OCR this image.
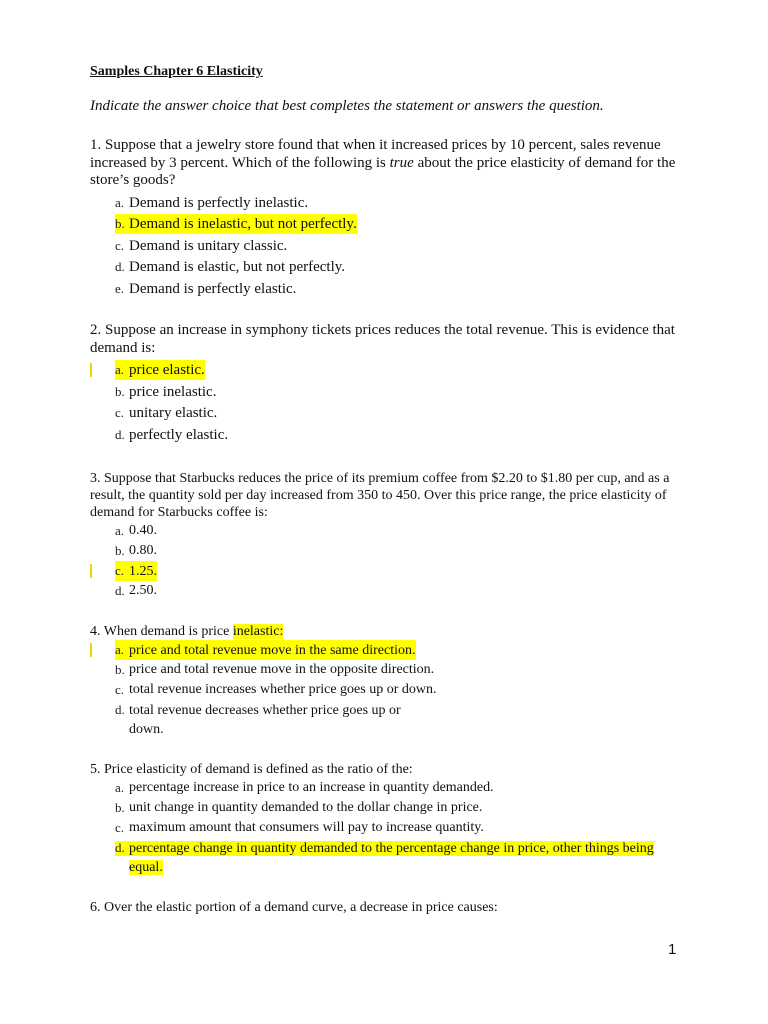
Samples Chapter 6 Elasticity
Indicate the answer choice that best completes the statement or answers the question.
1. Suppose that a jewelry store found that when it increased prices by 10 percent, sales revenue increased by 3 percent. Which of the following is true about the price elasticity of demand for the store’s goods?
a. Demand is perfectly inelastic.
b. Demand is inelastic, but not perfectly.
c. Demand is unitary classic.
d. Demand is elastic, but not perfectly.
e. Demand is perfectly elastic.
2. Suppose an increase in symphony tickets prices reduces the total revenue. This is evidence that demand is:
a. price elastic.
b. price inelastic.
c. unitary elastic.
d. perfectly elastic.
3. Suppose that Starbucks reduces the price of its premium coffee from $2.20 to $1.80 per cup, and as a result, the quantity sold per day increased from 350 to 450. Over this price range, the price elasticity of demand for Starbucks coffee is:
a. 0.40.
b. 0.80.
c. 1.25.
d. 2.50.
4. When demand is price inelastic:
a. price and total revenue move in the same direction.
b. price and total revenue move in the opposite direction.
c. total revenue increases whether price goes up or down.
d. total revenue decreases whether price goes up or
down.
5. Price elasticity of demand is defined as the ratio of the:
a. percentage increase in price to an increase in quantity demanded.
b. unit change in quantity demanded to the dollar change in price.
c. maximum amount that consumers will pay to increase quantity.
d. percentage change in quantity demanded to the percentage change in price, other things being
equal.
6. Over the elastic portion of a demand curve, a decrease in price causes:
1
